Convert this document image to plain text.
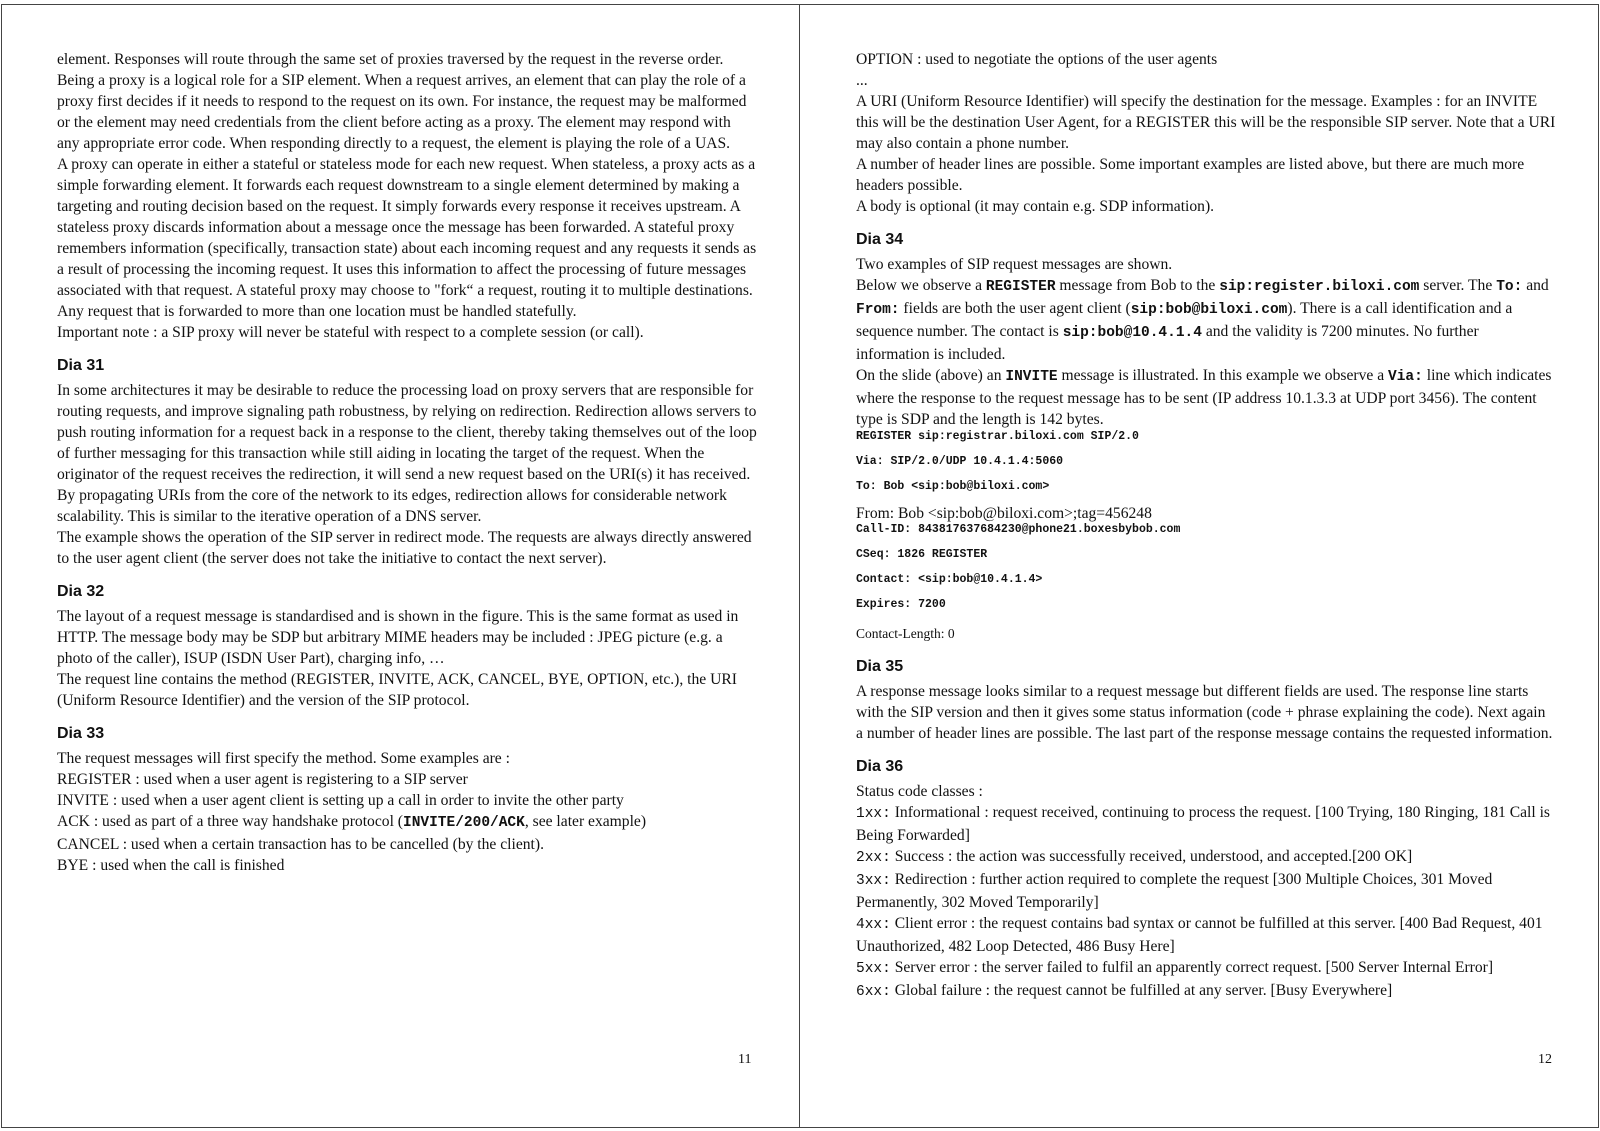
element. Responses will route through the same set of proxies traversed by the request in the reverse order.

Being a proxy is a logical role for a SIP element. When a request arrives, an element that can play the role of a proxy first decides if it needs to respond to the request on its own. For instance, the request may be malformed or the element may need credentials from the client before acting as a proxy. The element may respond with any appropriate error code. When responding directly to a request, the element is playing the role of a UAS.

A proxy can operate in either a stateful or stateless mode for each new request. When stateless, a proxy acts as a simple forwarding element. It forwards each request downstream to a single element determined by making a targeting and routing decision based on the request. It simply forwards every response it receives upstream. A stateless proxy discards information about a message once the message has been forwarded. A stateful proxy remembers information (specifically, transaction state) about each incoming request and any requests it sends as a result of processing the incoming request. It uses this information to affect the processing of future messages associated with that request. A stateful proxy may choose to "fork“ a request, routing it to multiple destinations. Any request that is forwarded to more than one location must be handled statefully.

Important note : a SIP proxy will never be stateful with respect to a complete session (or call).

Dia 31

In some architectures it may be desirable to reduce the processing load on proxy servers that are responsible for routing requests, and improve signaling path robustness, by relying on redirection. Redirection allows servers to push routing information for a request back in a response to the client, thereby taking themselves out of the loop of further messaging for this transaction while still aiding in locating the target of the request. When the originator of the request receives the redirection, it will send a new request based on the URI(s) it has received. By propagating URIs from the core of the network to its edges, redirection allows for considerable network scalability. This is similar to the iterative operation of a DNS server.

The example shows the operation of the SIP server in redirect mode. The requests are always directly answered to the user agent client (the server does not take the initiative to contact the next server).

Dia 32

The layout of a request message is standardised and is shown in the figure. This is the same format as used in HTTP. The message body may be SDP but arbitrary MIME headers may be included : JPEG picture (e.g. a photo of the caller), ISUP (ISDN User Part), charging info, …

The request line contains the method (REGISTER, INVITE, ACK, CANCEL, BYE, OPTION, etc.), the URI (Uniform Resource Identifier) and the version of the SIP protocol.

Dia 33

The request messages will first specify the method. Some examples are :

REGISTER : used when a user agent is registering to a SIP server

INVITE : used when a user agent client is setting up a call in order to invite the other party

ACK : used as part of a three way handshake protocol (INVITE/200/ACK, see later example)

CANCEL : used when a certain transaction has to be cancelled (by the client).

BYE : used when the call is finished

11

OPTION : used to negotiate the options of the user agents

...

A URI (Uniform Resource Identifier) will specify the destination for the message. Examples : for an INVITE this will be the destination User Agent, for a REGISTER this will be the responsible SIP server. Note that a URI may also contain a phone number.

A number of header lines are possible. Some important examples are listed above, but there are much more headers possible.

A body is optional (it may contain e.g. SDP information).

Dia 34

Two examples of SIP request messages are shown.

Below we observe a REGISTER message from Bob to the sip:register.biloxi.com server. The To: and From: fields are both the user agent client (sip:bob@biloxi.com). There is a call identification and a sequence number. The contact is sip:bob@10.4.1.4 and the validity is 7200 minutes. No further information is included.

On the slide (above) an INVITE message is illustrated. In this example we observe a Via: line which indicates where the response to the request message has to be sent (IP address 10.1.3.3 at UDP port 3456). The content type is SDP and the length is 142 bytes.

REGISTER sip:registrar.biloxi.com SIP/2.0

Via: SIP/2.0/UDP 10.4.1.4:5060

To: Bob <sip:bob@biloxi.com>

From: Bob <sip:bob@biloxi.com>;tag=456248

Call-ID: 843817637684230@phone21.boxesbybob.com

CSeq: 1826 REGISTER

Contact: <sip:bob@10.4.1.4>

Expires: 7200

Contact-Length: 0

Dia 35

A response message looks similar to a request message but different fields are used. The response line starts with the SIP version and then it gives some status information (code + phrase explaining the code). Next again a number of header lines are possible. The last part of the response message contains the requested information.

Dia 36

Status code classes :

1xx: Informational : request received, continuing to process the request. [100 Trying, 180 Ringing, 181 Call is Being Forwarded]

2xx: Success : the action was successfully received, understood, and accepted.[200 OK]

3xx: Redirection : further action required to complete the request [300 Multiple Choices, 301 Moved Permanently, 302 Moved Temporarily]

4xx: Client error : the request contains bad syntax or cannot be fulfilled at this server. [400 Bad Request, 401 Unauthorized, 482 Loop Detected, 486 Busy Here]

5xx: Server error : the server failed to fulfil an apparently correct request. [500 Server Internal Error]

6xx: Global failure : the request cannot be fulfilled at any server. [Busy Everywhere]

12
